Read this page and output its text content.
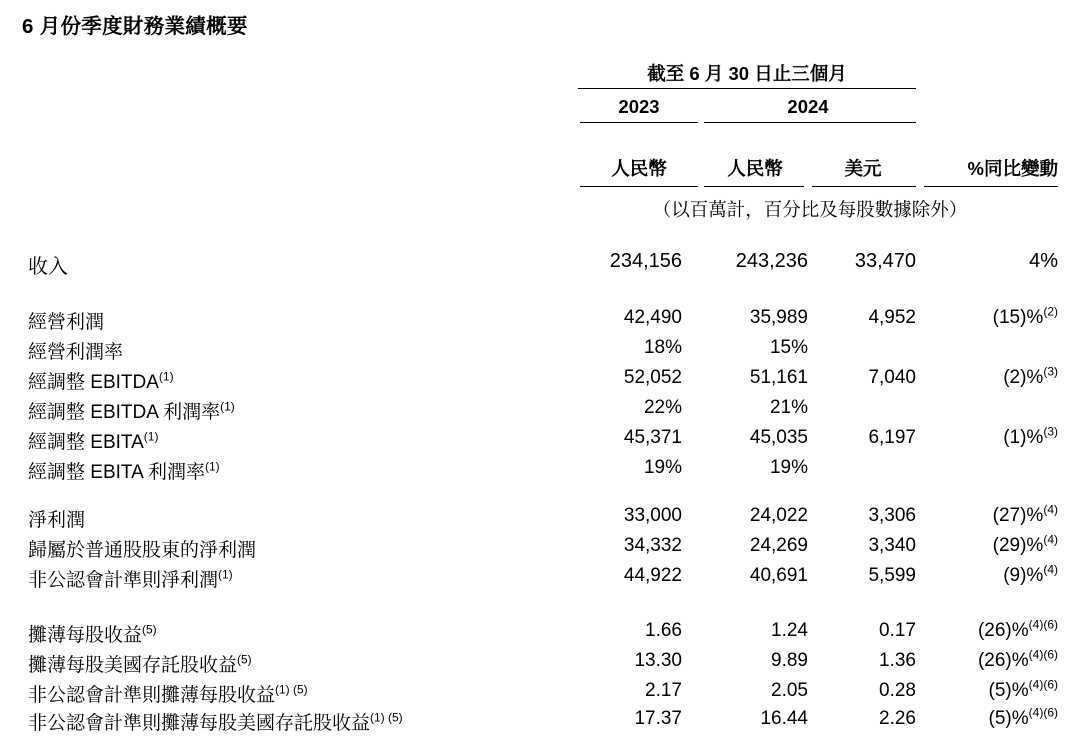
6 月份季度財務業績概要
截至 6 月 30 日止三個月
2023	2024
人民幣	人民幣	美元	%同比變動
（以百萬計，百分比及每股數據除外）
收入	234,156	243,236	33,470	4%
經營利潤	42,490	35,989	4,952	(15)%$^{(2)}$
經營利潤率	18%	15%
經調整 EBITDA$^{(1)}$	52,052	51,161	7,040	(2)%$^{(3)}$
經調整 EBITDA 利潤率$^{(1)}$	22%	21%
經調整 EBITA$^{(1)}$	45,371	45,035	6,197	(1)%$^{(3)}$
經調整 EBITA 利潤率$^{(1)}$	19%	19%
淨利潤	33,000	24,022	3,306	(27)%$^{(4)}$
歸屬於普通股股東的淨利潤	34,332	24,269	3,340	(29)%$^{(4)}$
非公認會計準則淨利潤$^{(1)}$	44,922	40,691	5,599	(9)%$^{(4)}$
攤薄每股收益$^{(5)}$	1.66	1.24	0.17	(26)%$^{(4)(6)}$
攤薄每股美國存託股收益$^{(5)}$	13.30	9.89	1.36	(26)%$^{(4)(6)}$
非公認會計準則攤薄每股收益$^{(1) (5)}$	2.17	2.05	0.28	(5)%$^{(4)(6)}$
非公認會計準則攤薄每股美國存託股收益$^{(1) (5)}$	17.37	16.44	2.26	(5)%$^{(4)(6)}$
